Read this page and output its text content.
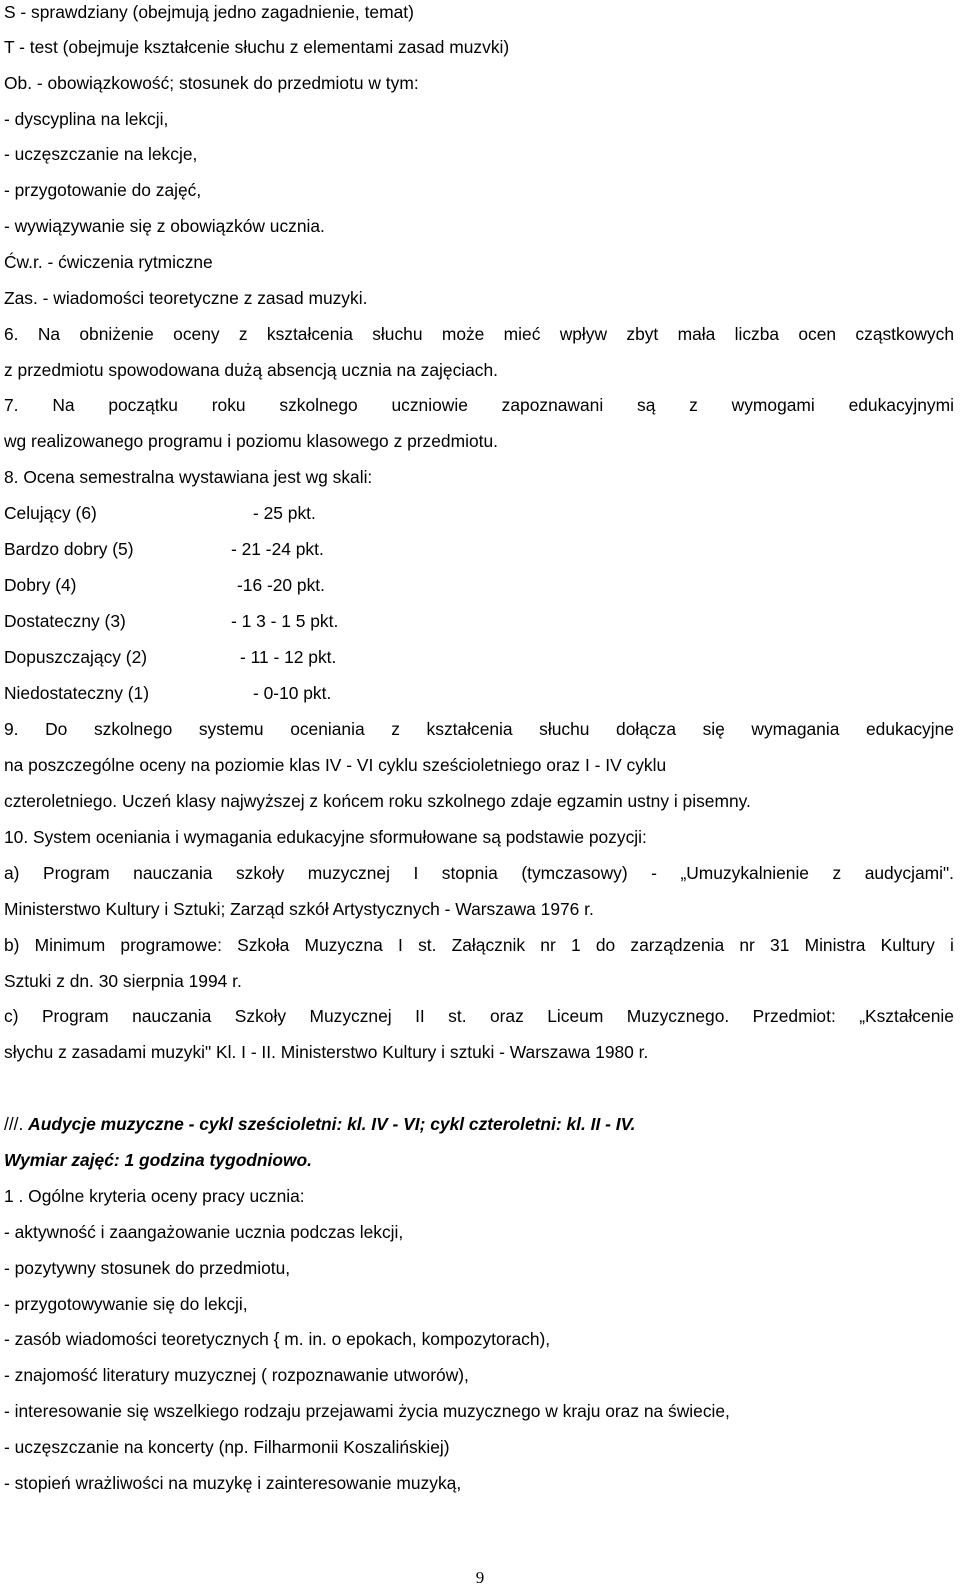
S - sprawdziany (obejmują jedno zagadnienie, temat)
T - test (obejmuje kształcenie słuchu z elementami zasad muzvki)
Ob. - obowiązkowość; stosunek do przedmiotu w tym:
- dyscyplina na lekcji,
- uczęszczanie na lekcje,
- przygotowanie do zajęć,
- wywiązywanie się z obowiązków ucznia.
Ćw.r. - ćwiczenia rytmiczne
Zas. - wiadomości teoretyczne z zasad muzyki.
6. Na obniżenie oceny z kształcenia słuchu może mieć wpływ zbyt mała liczba ocen cząstkowych
z przedmiotu spowodowana dużą absencją ucznia na zajęciach.
7. Na początku roku szkolnego uczniowie zapoznawani są z wymogami edukacyjnymi
wg realizowanego programu i poziomu klasowego z przedmiotu.
8. Ocena semestralna wystawiana jest wg skali:
Celujący (6)	- 25 pkt.
Bardzo dobry (5)	- 21 -24 pkt.
Dobry (4)	-16 -20 pkt.
Dostateczny (3)	- 1 3 - 1 5 pkt.
Dopuszczający (2)	- 11 - 12 pkt.
Niedostateczny (1)	- 0-10 pkt.
9. Do szkolnego systemu oceniania z kształcenia słuchu dołącza się wymagania edukacyjne
na poszczególne oceny na poziomie klas IV - VI cyklu sześcioletniego oraz I - IV cyklu
czteroletniego. Uczeń klasy najwyższej z końcem roku szkolnego zdaje egzamin ustny i pisemny.
10. System oceniania i wymagania edukacyjne sformułowane są podstawie pozycji:
a) Program nauczania szkoły muzycznej I stopnia (tymczasowy) - „Umuzykalnienie z audycjami".
Ministerstwo Kultury i Sztuki; Zarząd szkół Artystycznych - Warszawa 1976 r.
b) Minimum programowe: Szkoła Muzyczna I st. Załącznik nr 1 do zarządzenia nr 31 Ministra Kultury i
Sztuki z dn. 30 sierpnia 1994 r.
c) Program nauczania Szkoły Muzycznej II st. oraz Liceum Muzycznego. Przedmiot: „Kształcenie
słychu z zasadami muzyki" Kl. I - II. Ministerstwo Kultury i sztuki - Warszawa 1980 r.
///. Audycje muzyczne - cykl sześcioletni: kl. IV - VI; cykl czteroletni: kl. II - IV.
Wymiar zajęć: 1 godzina tygodniowo.
1 . Ogólne kryteria oceny pracy ucznia:
- aktywność i zaangażowanie ucznia podczas lekcji,
- pozytywny stosunek do przedmiotu,
- przygotowywanie się do lekcji,
- zasób wiadomości teoretycznych { m. in. o epokach, kompozytorach),
- znajomość literatury muzycznej ( rozpoznawanie utworów),
- interesowanie się wszelkiego rodzaju przejawami życia muzycznego w kraju oraz na świecie,
- uczęszczanie na koncerty (np. Filharmonii Koszalińskiej)
- stopień wrażliwości na muzykę i zainteresowanie muzyką,
9
